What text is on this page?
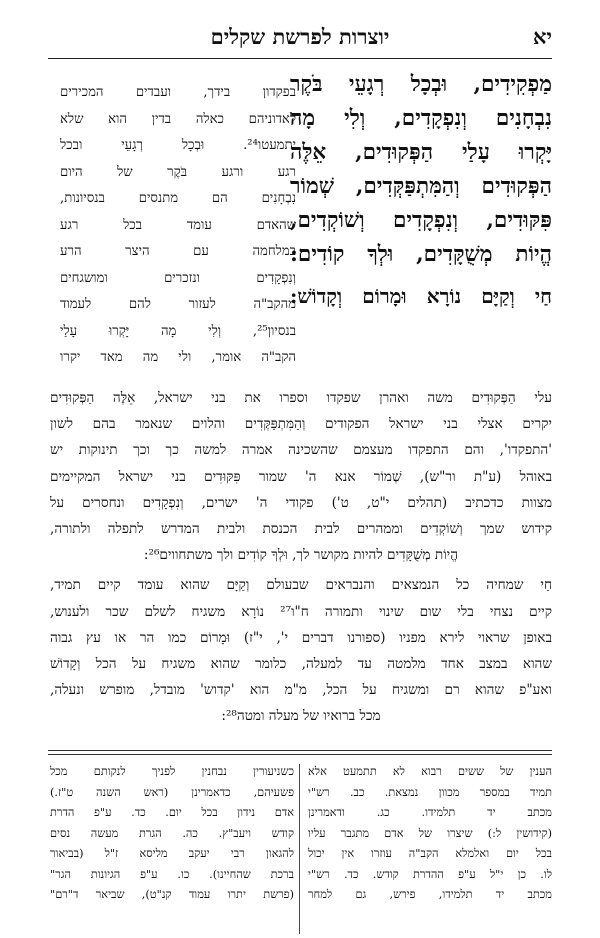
יוצרות לפרשת שקלים	יא
מַפְקִידִים, וּבְכָל רְגָעֵי בֹּקֶר
נִבְחָנִים וְנִפְקָדִים, וְלִי מָה
יָּקְרוּ עָלַי הַפְּקוּדִים, אֵלֶּה
הַפְּקוּדִים וְהַמִּתְפַּקְּדִים, שְׁמוֹר
פִּקּוּדִים, וְנִפְקָדִים וְשׁוֹקְדִים,
הֱיוֹת מְשֻׁקָּדִים, וּלְךָ קוֹדִים:
חַי וְקַיָּם נוֹרָא וּמָרוֹם וְקָדוֹשׁ:
בפקדון בידך, ועבדים המכירים
לאדוניהם כאלה בדין הוא שלא
יתמעטו²⁴. וּבְכָל רְגָעֵי ובכל
רגע ורגע בֹּקֶר של היום
נִבְחָנִים הם מתנסים בנסיונות,
שהאדם עומד בכל רגע
במלחמה עם היצר הרע
וְנִפְקָדִים ונזכרים ומושגחים
מהקב"ה לעזור להם לעמוד
בנסיון²⁵, וְלִי מָה יָּקְרוּ עָלַי
הקב"ה אומר, ולי מה מאד יקרו
עלי הַפְּקוּדִים משה ואהרן שפקדו וספרו את בני ישראל, אֵלֶּה הַפְּקוּדִים
יקרים אצלי בני ישראל הפקודים וְהַמִּתְפַּקְּדִים והלוים שנאמר בהם לשון
'התפקדו', והם התפקדו מעצמם שהשכינה אמרה למשה כך וכך תינוקות יש
באוהל (ע"ת ור"ש), שְׁמוֹר אנא ה' שמור פִּקּוּדִים בני ישראל המקיימים
מצוות כדכתיב (תהלים י"ט, ט') פקודי ה' ישרים, וְנִפְקָדִים ונחסרים על
קידוש שמך וְשׁוֹקְדִים וממהרים לבית הכנסת ולבית המדרש לתפלה ולתורה,
הֱיוֹת מְשֻׁקָּדִים להיות מקושר לך, וּלְךָ קוֹדִים ולך משתחווים²⁶:
חַי שמחיה כל הנמצאים והנבראים שבעולם וְקַיָּם שהוא עומד קיים תמיד,
קיים נצחי בלי שום שינוי ותמורה ח"ו²⁷ נוֹרָא משגיח לשלם שכר ולענוש,
באופן שראוי לירא מפניו (ספורנו דברים י', י"ז) וּמָרוֹם כמו הר או עץ גבוה
שהוא במצב אחד מלמטה עד למעלה, כלומר שהוא משגיח על הכל וְקָדוֹשׁ
ואע"פ שהוא רם ומשגיח על הכל, מ"מ הוא 'קדוש' מובדל, מופרש ונעלה,
מכל ברואיו של מעלה ומטה²⁸:
הענין של ששים רבוא לא תתמעט אלא
תמיד במספר מכוון נמצאת. כב. רש"י
מכתב יד תלמידו. כג. ודאמרינן
(קידושין ל:) שיצרו של אדם מתגבר עליו
בכל יום ואלמלא הקב"ה עוזרו אין יכול
לו. כן י"ל ע"פ ההדרת קודש. כד. רש"י
מכתב יד תלמידו, פירש, גם למחר
כשניעורין נבחנין לפניך לנקותם מכל
פשעיהם, כדאמרינן (ראש השנה ט"ז.)
אדם נידון בכל יום. כד. ע"פ הדרת
קודש ויעב"ץ. כה. הגרת מעשה נסים
להגאון רבי יעקב מליסא ז"ל (בביאור
ברכת שהחיינו). כו. ע"פ הגיונות הגר"
(פרשת יתרו עמוד קנ"ט), שביאר ד"רם"
